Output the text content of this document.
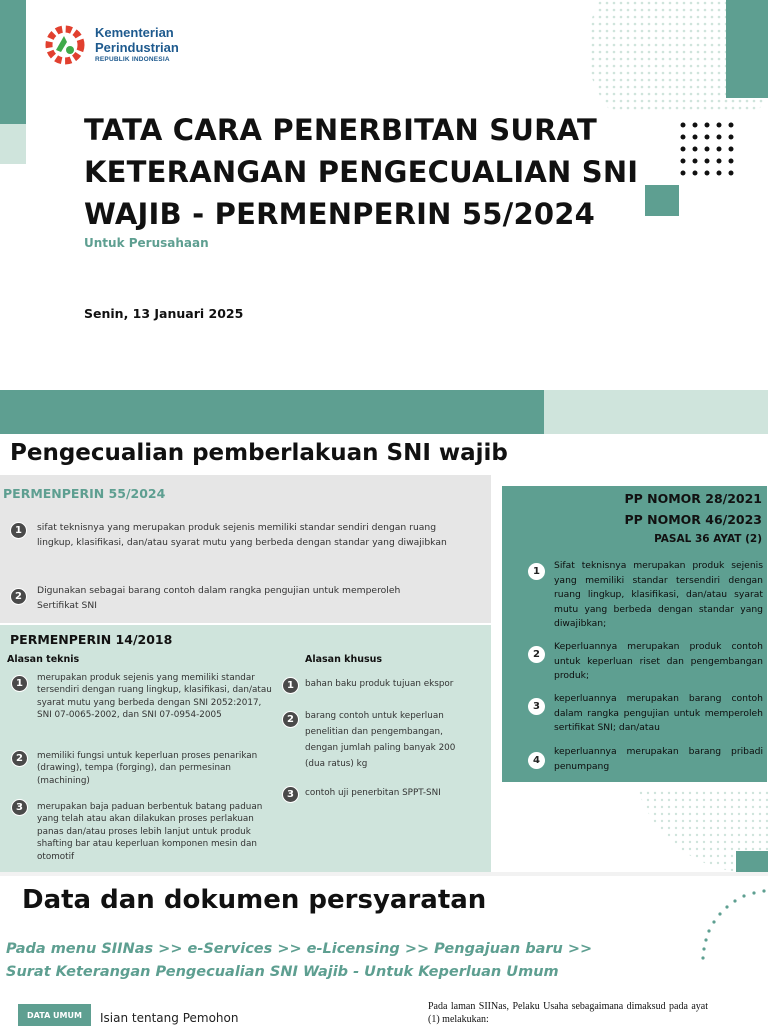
Kementerian
Perindustrian
REPUBLIK INDONESIA
TATA CARA PENERBITAN SURAT
KETERANGAN PENGECUALIAN SNI
WAJIB - PERMENPERIN 55/2024
Untuk Perusahaan
Senin, 13 Januari 2025
Pengecualian pemberlakuan SNI wajib
PERMENPERIN 55/2024
1	sifat teknisnya yang merupakan produk sejenis memiliki standar sendiri dengan ruang lingkup, klasifikasi, dan/atau syarat mutu yang berbeda dengan standar yang diwajibkan
2
Digunakan sebagai barang contoh dalam rangka pengujian untuk memperoleh Sertifikat SNI
PERMENPERIN 14/2018
Alasan teknis	Alasan khusus
1	merupakan produk sejenis yang memiliki standar tersendiri dengan ruang lingkup, klasifikasi, dan/atau syarat mutu yang berbeda dengan SNI 2052:2017, SNI 07-0065-2002, dan SNI 07-0954-2005
2	memiliki fungsi untuk keperluan proses penarikan (drawing), tempa (forging), dan permesinan (machining)
3	merupakan baja paduan berbentuk batang paduan yang telah atau akan dilakukan proses perlakuan panas dan/atau proses lebih lanjut untuk produk shafting bar atau keperluan komponen mesin dan otomotif
1	bahan baku produk tujuan ekspor
2	barang contoh untuk keperluan penelitian dan pengembangan, dengan jumlah paling banyak 200 (dua ratus) kg
3	contoh uji penerbitan SPPT-SNI
PP NOMOR 28/2021
PP NOMOR 46/2023
PASAL 36 AYAT (2)
1
Sifat teknisnya merupakan produk sejenis yang memiliki standar tersendiri dengan ruang lingkup, klasifikasi, dan/atau syarat mutu yang berbeda dengan standar yang diwajibkan;
2
Keperluannya merupakan produk contoh untuk keperluan riset dan pengembangan produk;
3
keperluannya merupakan barang contoh dalam rangka pengujian untuk memperoleh sertifikat SNI; dan/atau
4
keperluannya merupakan barang pribadi penumpang
Data dan dokumen persyaratan
Pada menu SIINas >> e-Services >> e-Licensing >> Pengajuan baru >>
Surat Keterangan Pengecualian SNI Wajib - Untuk Keperluan Umum
DATA UMUM	Isian tentang Pemohon
Pada laman SIINas, Pelaku Usaha sebagaimana dimaksud pada ayat (1) melakukan:
